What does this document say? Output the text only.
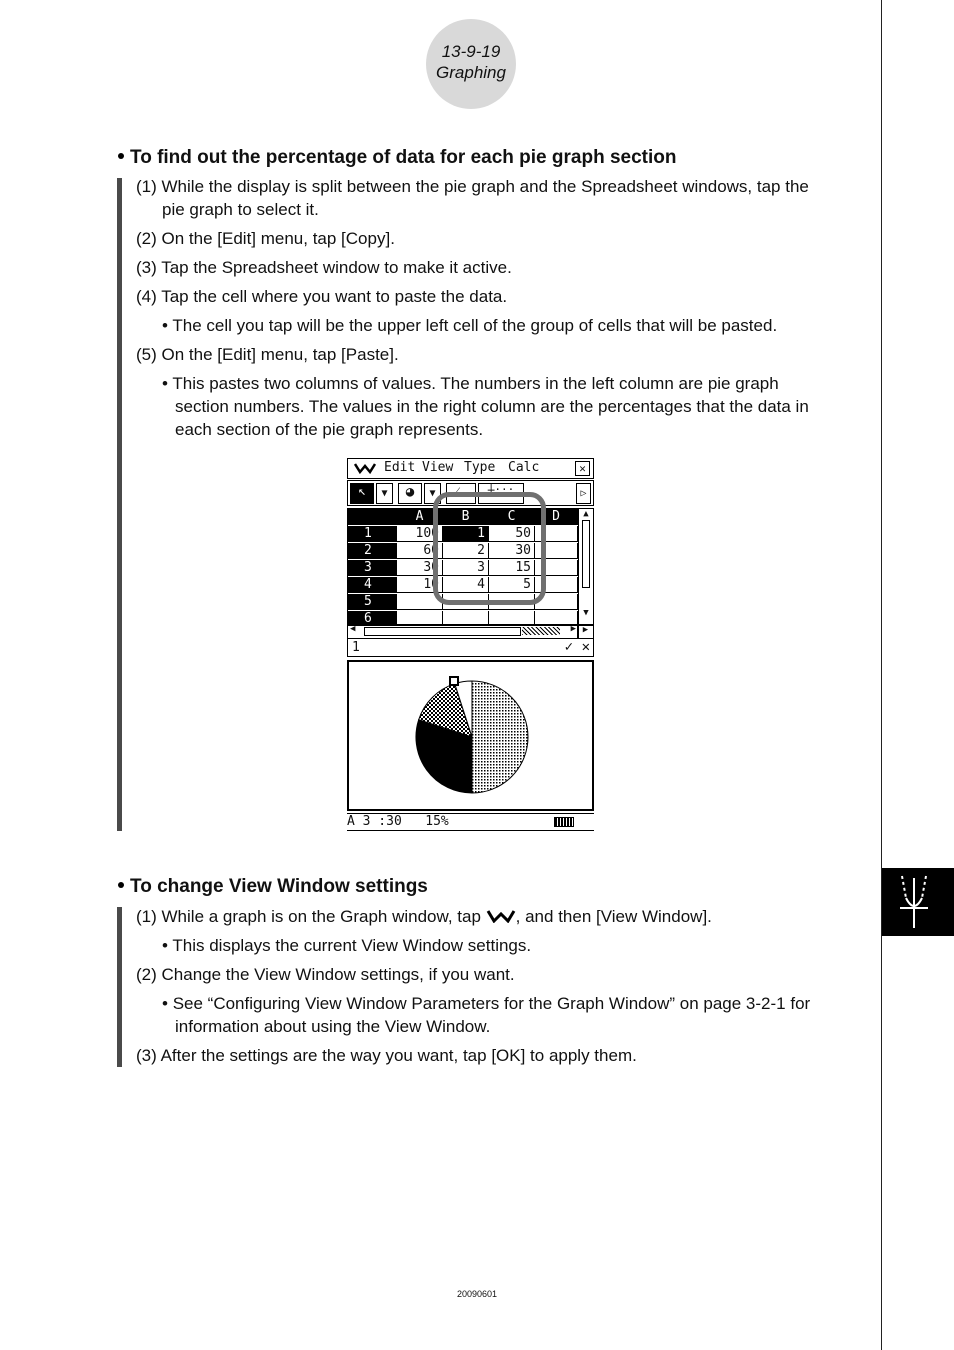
13-9-19
Graphing
To find out the percentage of data for each pie graph section
(1) While the display is split between the pie graph and the Spreadsheet windows, tap the
pie graph to select it.
(2) On the [Edit] menu, tap [Copy].
(3) Tap the Spreadsheet window to make it active.
(4) Tap the cell where you want to paste the data.
• The cell you tap will be the upper left cell of the group of cells that will be pasted.
(5) On the [Edit] menu, tap [Paste].
• This pastes two columns of values. The numbers in the left column are pie graph
section numbers. The values in the right column are the percentages that the data in
each section of the pie graph represents.
Edit View Type Calc	✕
↖	▼	◕	▼	⁄‥	┼:::	▷
A	B	C	D
1	100	1	50
2	60	2	30
3	30	3	15
4	10	4	5
5
6
▲
▼
◀	▶ ▶
1	✓ ✕
A 3 :30   15%
To change View Window settings
(1) While a graph is on the Graph window, tap , and then [View Window].
• This displays the current View Window settings.
(2) Change the View Window settings, if you want.
• See “Configuring View Window Parameters for the Graph Window” on page 3-2-1 for
information about using the View Window.
(3) After the settings are the way you want, tap [OK] to apply them.
20090601
